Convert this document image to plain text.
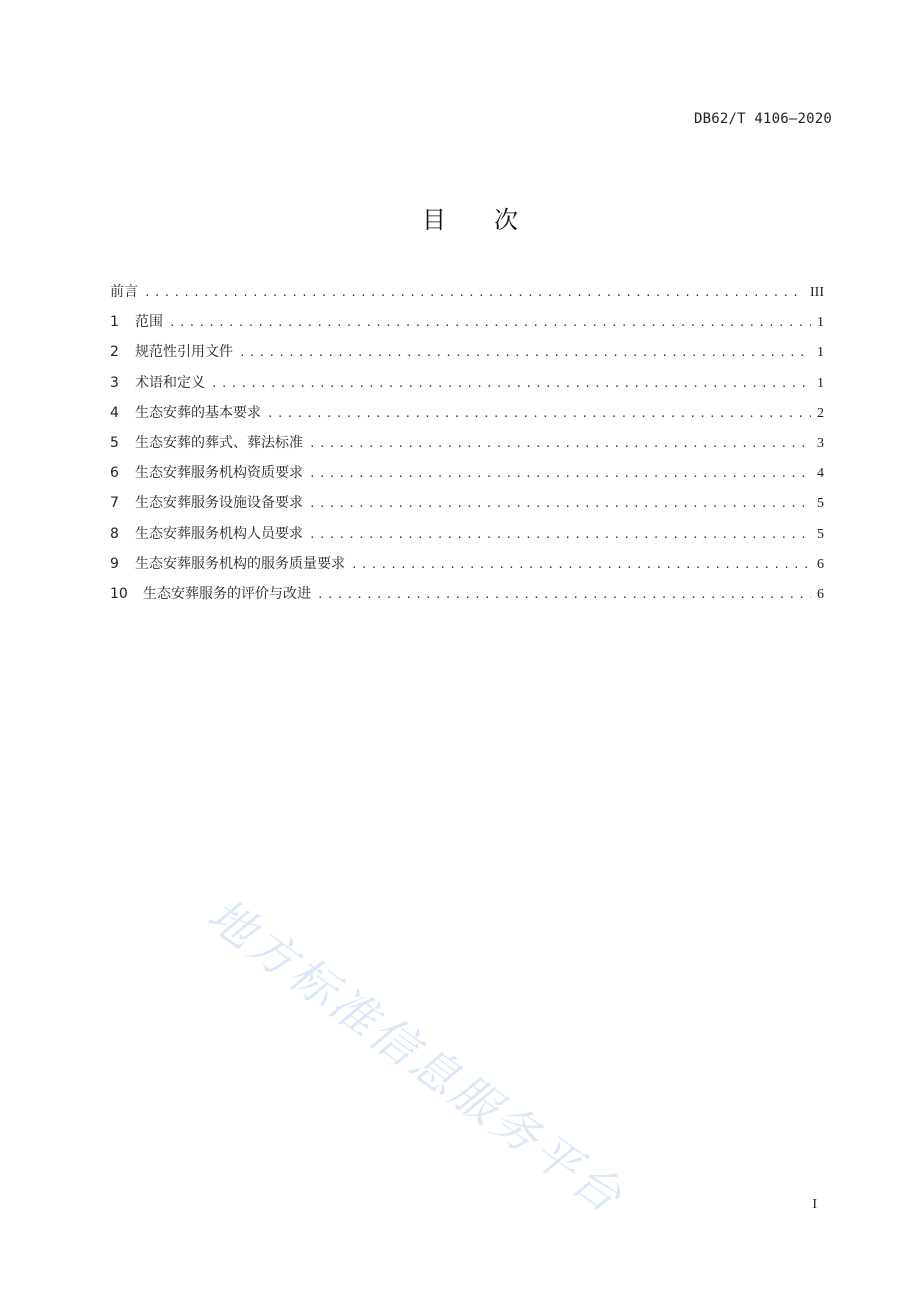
DB62/T 4106—2020
目 次
前言 .....	III
1	范围 .....	1
2	规范性引用文件 .....	1
3	术语和定义 .....	1
4	生态安葬的基本要求 .....	2
5	生态安葬的葬式、葬法标准 .....	3
6	生态安葬服务机构资质要求 .....	4
7	生态安葬服务设施设备要求 .....	5
8	生态安葬服务机构人员要求 .....	5
9	生态安葬服务机构的服务质量要求 .....	6
10	生态安葬服务的评价与改进 .....	6
地方标准信息服务平台	I
